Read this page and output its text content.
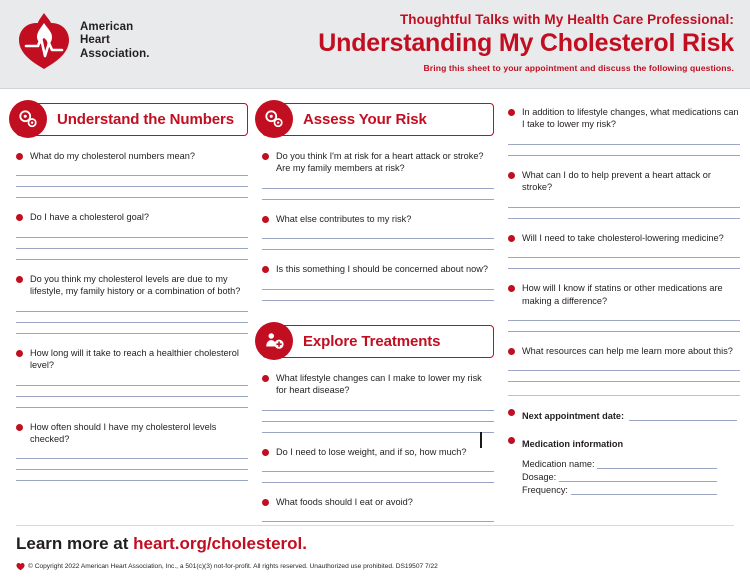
American
Heart
Association.
Thoughtful Talks with My Health Care Professional:
Understanding My Cholesterol Risk
Bring this sheet to your appointment and discuss the following questions.
Understand the Numbers
What do my cholesterol numbers mean?
Do I have a cholesterol goal?
Do you think my cholesterol levels are due to my lifestyle, my family history or a combination of both?
How long will it take to reach a healthier cholesterol level?
How often should I have my cholesterol levels checked?
Assess Your Risk
Do you think I'm at risk for a heart attack or stroke? Are my family members at risk?
What else contributes to my risk?
Is this something I should be concerned about now?
Explore Treatments
What lifestyle changes can I make to lower my risk for heart disease?
Do I need to lose weight, and if so, how much?
What foods should I eat or avoid?
In addition to lifestyle changes, what medications can I take to lower my risk?
What can I do to help prevent a heart attack or stroke?
Will I need to take cholesterol-lowering medicine?
How will I know if statins or other medications are making a difference?
What resources can help me learn more about this?
Next appointment date:
Medication information
Medication name:
Dosage:
Frequency:
Learn more at heart.org/cholesterol.
© Copyright 2022 American Heart Association, Inc., a 501(c)(3) not-for-profit. All rights reserved. Unauthorized use prohibited. DS19507 7/22
